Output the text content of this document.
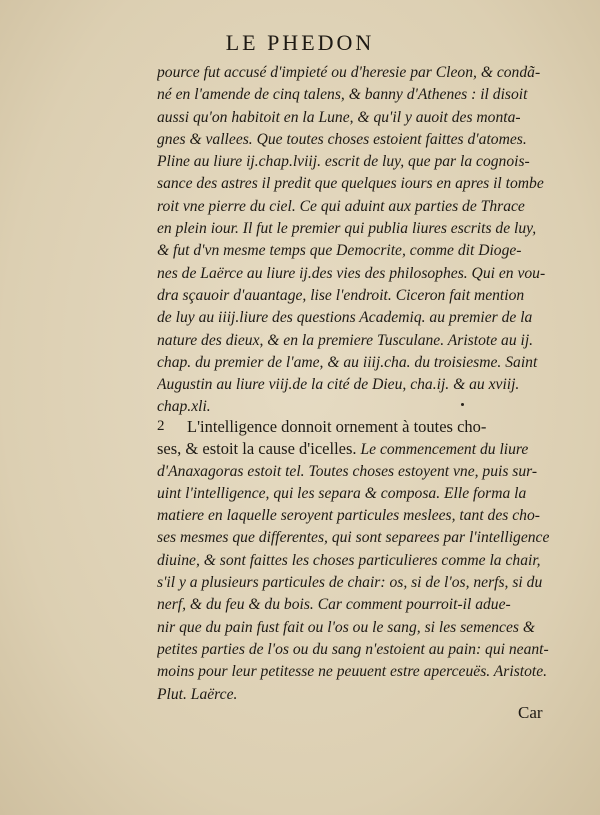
LE PHEDON
pource fut accusé d'impieté ou d'heresie par Cleon, & condã-
né en l'amende de cinq talens, & banny d'Athenes : il disoit
aussi qu'on habitoit en la Lune, & qu'il y auoit des monta-
gnes & vallees. Que toutes choses estoient faittes d'atomes.
Pline au liure ij.chap.lviij. escrit de luy, que par la cognois-
sance des astres il predit que quelques iours en apres il tombe
roit vne pierre du ciel. Ce qui aduint aux parties de Thrace
en plein iour. Il fut le premier qui publia liures escrits de luy,
& fut d'vn mesme temps que Democrite, comme dit Dioge-
nes de Laërce au liure ij.des vies des philosophes. Qui en vou-
dra sçauoir d'auantage, lise l'endroit. Ciceron fait mention
de luy au iiij.liure des questions Academiq. au premier de la
nature des dieux, & en la premiere Tusculane. Aristote au ij.
chap. du premier de l'ame, & au iiij.cha. du troisiesme. Saint
Augustin au liure viij.de la cité de Dieu, cha.ij. & au xviij.
chap.xli.
2	L'intelligence donnoit ornement à toutes cho-
ses, & estoit la cause d'icelles. Le commencement du liure
d'Anaxagoras estoit tel. Toutes choses estoyent vne, puis sur-
uint l'intelligence, qui les separa & composa. Elle forma la
matiere en laquelle seroyent particules meslees, tant des cho-
ses mesmes que differentes, qui sont separees par l'intelligence
diuine, & sont faittes les choses particulieres comme la chair,
s'il y a plusieurs particules de chair: os, si de l'os, nerfs, si du
nerf, & du feu & du bois. Car comment pourroit-il adue-
nir que du pain fust fait ou l'os ou le sang, si les semences &
petites parties de l'os ou du sang n'estoient au pain: qui neant-
moins pour leur petitesse ne peuuent estre aperceuës. Aristote.
Plut. Laërce.
Car
